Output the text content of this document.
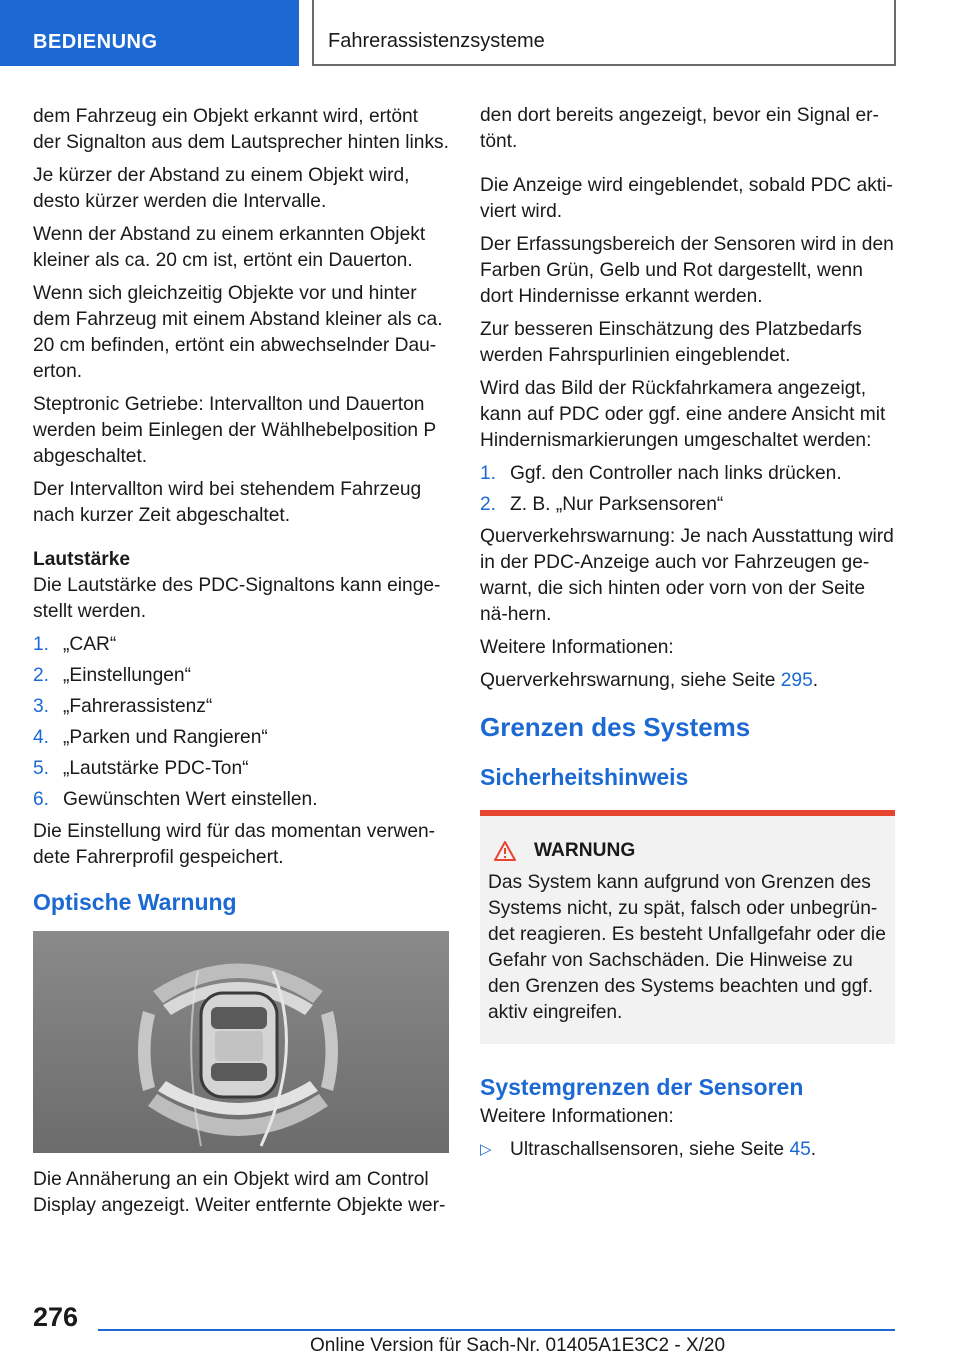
BEDIENUNG	Fahrerassistenzsysteme
dem Fahrzeug ein Objekt erkannt wird, ertönt der Signalton aus dem Lautsprecher hinten links.
Je kürzer der Abstand zu einem Objekt wird, desto kürzer werden die Intervalle.
Wenn der Abstand zu einem erkannten Objekt kleiner als ca. 20 cm ist, ertönt ein Dauerton.
Wenn sich gleichzeitig Objekte vor und hinter dem Fahrzeug mit einem Abstand kleiner als ca. 20 cm befinden, ertönt ein abwechselnder Dau-erton.
Steptronic Getriebe: Intervallton und Dauerton werden beim Einlegen der Wählhebelposition P abgeschaltet.
Der Intervallton wird bei stehendem Fahrzeug nach kurzer Zeit abgeschaltet.
Lautstärke
Die Lautstärke des PDC-Signaltons kann einge-stellt werden.
1. „CAR“
2. „Einstellungen“
3. „Fahrerassistenz“
4. „Parken und Rangieren“
5. „Lautstärke PDC-Ton“
6. Gewünschten Wert einstellen.
Die Einstellung wird für das momentan verwen-dete Fahrerprofil gespeichert.
Optische Warnung
Die Annäherung an ein Objekt wird am Control Display angezeigt. Weiter entfernte Objekte wer-
den dort bereits angezeigt, bevor ein Signal er-tönt.
Die Anzeige wird eingeblendet, sobald PDC akti-viert wird.
Der Erfassungsbereich der Sensoren wird in den Farben Grün, Gelb und Rot dargestellt, wenn dort Hindernisse erkannt werden.
Zur besseren Einschätzung des Platzbedarfs werden Fahrspurlinien eingeblendet.
Wird das Bild der Rückfahrkamera angezeigt, kann auf PDC oder ggf. eine andere Ansicht mit Hindernismarkierungen umgeschaltet werden:
1. Ggf. den Controller nach links drücken.
2. Z. B. „Nur Parksensoren“
Querverkehrswarnung: Je nach Ausstattung wird in der PDC-Anzeige auch vor Fahrzeugen ge-warnt, die sich hinten oder vorn von der Seite nä-hern.
Weitere Informationen:
Querverkehrswarnung, siehe Seite 295.
Grenzen des Systems
Sicherheitshinweis
WARNUNG
Das System kann aufgrund von Grenzen des Systems nicht, zu spät, falsch oder unbegrün-det reagieren. Es besteht Unfallgefahr oder die Gefahr von Sachschäden. Die Hinweise zu den Grenzen des Systems beachten und ggf. aktiv eingreifen.
Systemgrenzen der Sensoren
Weitere Informationen:
▷ Ultraschallsensoren, siehe Seite 45.
276
Online Version für Sach-Nr. 01405A1E3C2 - X/20
